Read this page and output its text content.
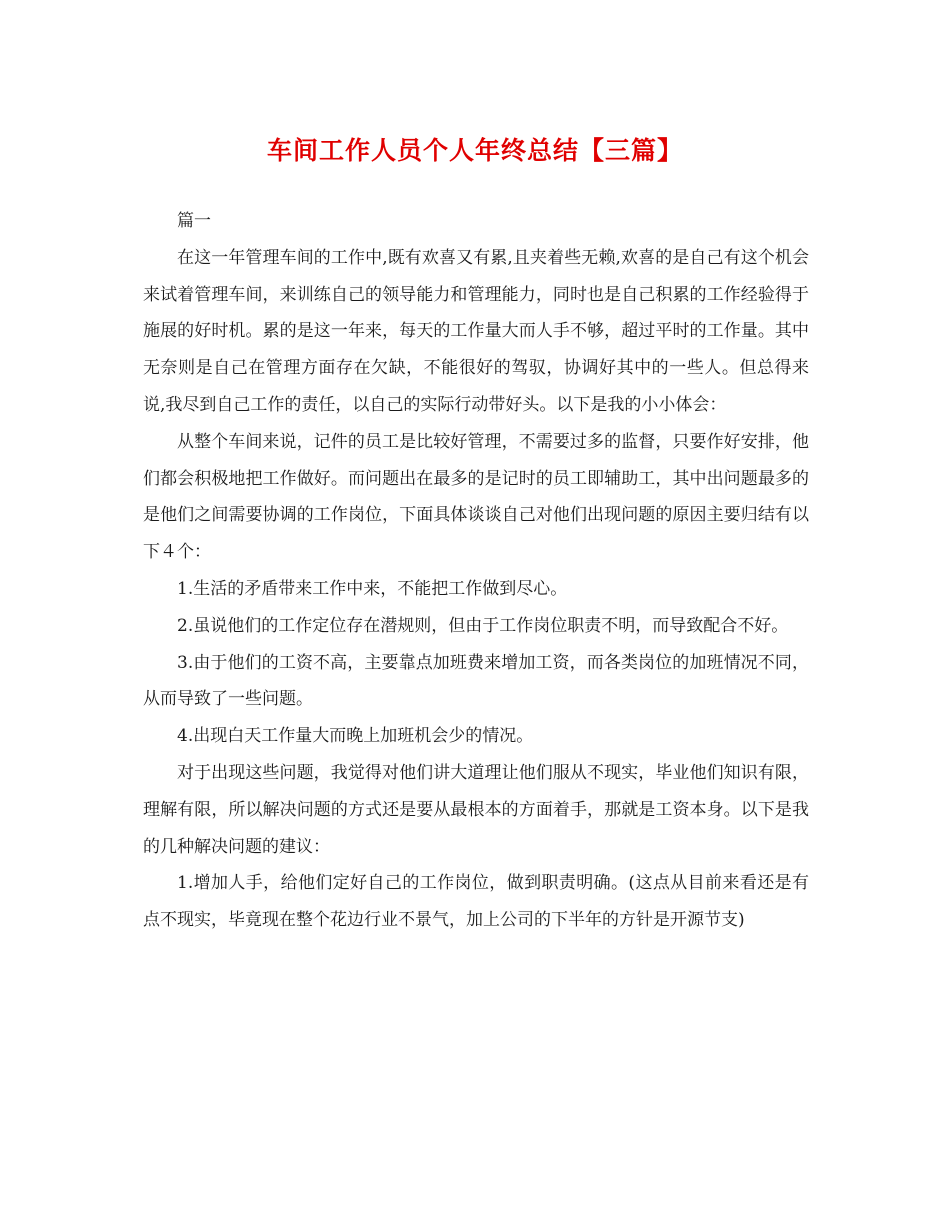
车间工作人员个人年终总结【三篇】

篇一

在这一年管理车间的工作中,既有欢喜又有累,且夹着些无赖,欢喜的是自己有这个机会来试着管理车间，来训练自己的领导能力和管理能力，同时也是自己积累的工作经验得于施展的好时机。累的是这一年来，每天的工作量大而人手不够，超过平时的工作量。其中无奈则是自己在管理方面存在欠缺，不能很好的驾驭，协调好其中的一些人。但总得来说,我尽到自己工作的责任，以自己的实际行动带好头。以下是我的小小体会：

从整个车间来说，记件的员工是比较好管理，不需要过多的监督，只要作好安排，他们都会积极地把工作做好。而问题出在最多的是记时的员工即辅助工，其中出问题最多的是他们之间需要协调的工作岗位，下面具体谈谈自己对他们出现问题的原因主要归结有以下４个：

1.生活的矛盾带来工作中来，不能把工作做到尽心。

2.虽说他们的工作定位存在潜规则，但由于工作岗位职责不明，而导致配合不好。

3.由于他们的工资不高，主要靠点加班费来增加工资，而各类岗位的加班情况不同，从而导致了一些问题。

4.出现白天工作量大而晚上加班机会少的情况。

对于出现这些问题，我觉得对他们讲大道理让他们服从不现实，毕业他们知识有限，理解有限，所以解决问题的方式还是要从最根本的方面着手，那就是工资本身。以下是我的几种解决问题的建议：

1.增加人手，给他们定好自己的工作岗位，做到职责明确。(这点从目前来看还是有点不现实，毕竟现在整个花边行业不景气，加上公司的下半年的方针是开源节支)
